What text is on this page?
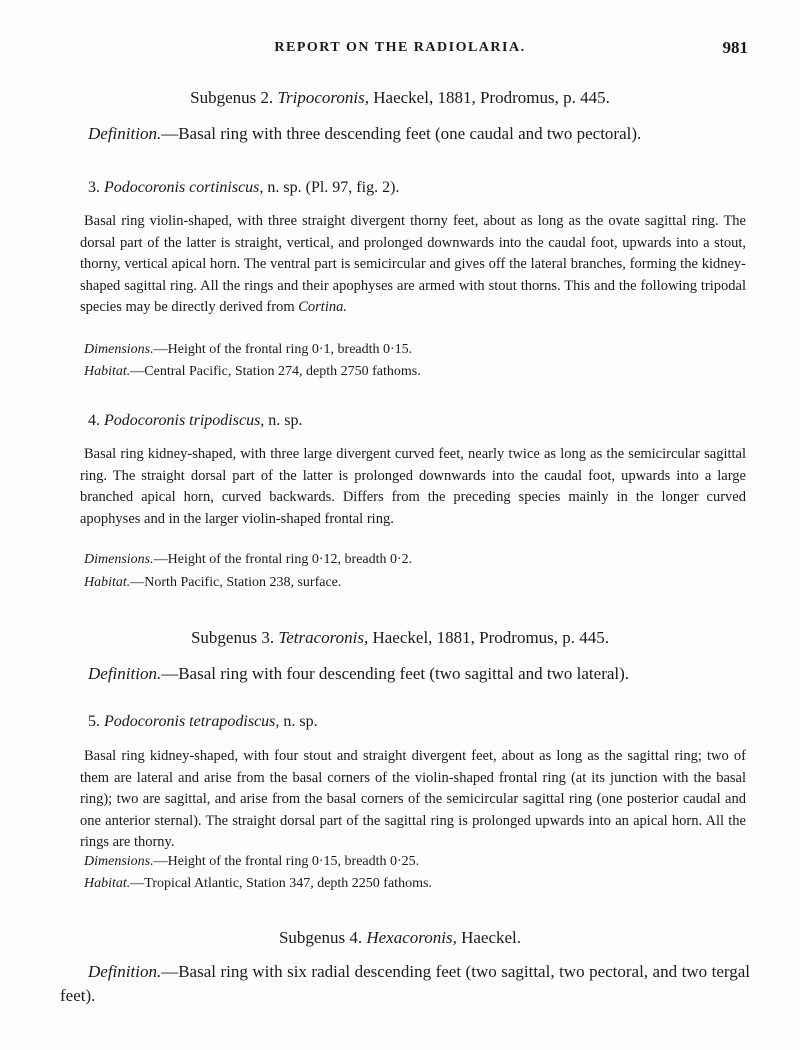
REPORT ON THE RADIOLARIA.	981
Subgenus 2. Tripocoronis, Haeckel, 1881, Prodromus, p. 445.
Definition.—Basal ring with three descending feet (one caudal and two pectoral).
3. Podocoronis cortiniscus, n. sp. (Pl. 97, fig. 2).
Basal ring violin-shaped, with three straight divergent thorny feet, about as long as the ovate sagittal ring. The dorsal part of the latter is straight, vertical, and prolonged downwards into the caudal foot, upwards into a stout, thorny, vertical apical horn. The ventral part is semicircular and gives off the lateral branches, forming the kidney-shaped sagittal ring. All the rings and their apophyses are armed with stout thorns. This and the following tripodal species may be directly derived from Cortina.
Dimensions.—Height of the frontal ring 0·1, breadth 0·15.
Habitat.—Central Pacific, Station 274, depth 2750 fathoms.
4. Podocoronis tripodiscus, n. sp.
Basal ring kidney-shaped, with three large divergent curved feet, nearly twice as long as the semicircular sagittal ring. The straight dorsal part of the latter is prolonged downwards into the caudal foot, upwards into a large branched apical horn, curved backwards. Differs from the preceding species mainly in the longer curved apophyses and in the larger violin-shaped frontal ring.
Dimensions.—Height of the frontal ring 0·12, breadth 0·2.
Habitat.—North Pacific, Station 238, surface.
Subgenus 3. Tetracoronis, Haeckel, 1881, Prodromus, p. 445.
Definition.—Basal ring with four descending feet (two sagittal and two lateral).
5. Podocoronis tetrapodiscus, n. sp.
Basal ring kidney-shaped, with four stout and straight divergent feet, about as long as the sagittal ring; two of them are lateral and arise from the basal corners of the violin-shaped frontal ring (at its junction with the basal ring); two are sagittal, and arise from the basal corners of the semicircular sagittal ring (one posterior caudal and one anterior sternal). The straight dorsal part of the sagittal ring is prolonged upwards into an apical horn. All the rings are thorny.
Dimensions.—Height of the frontal ring 0·15, breadth 0·25.
Habitat.—Tropical Atlantic, Station 347, depth 2250 fathoms.
Subgenus 4. Hexacoronis, Haeckel.
Definition.—Basal ring with six radial descending feet (two sagittal, two pectoral, and two tergal feet).
